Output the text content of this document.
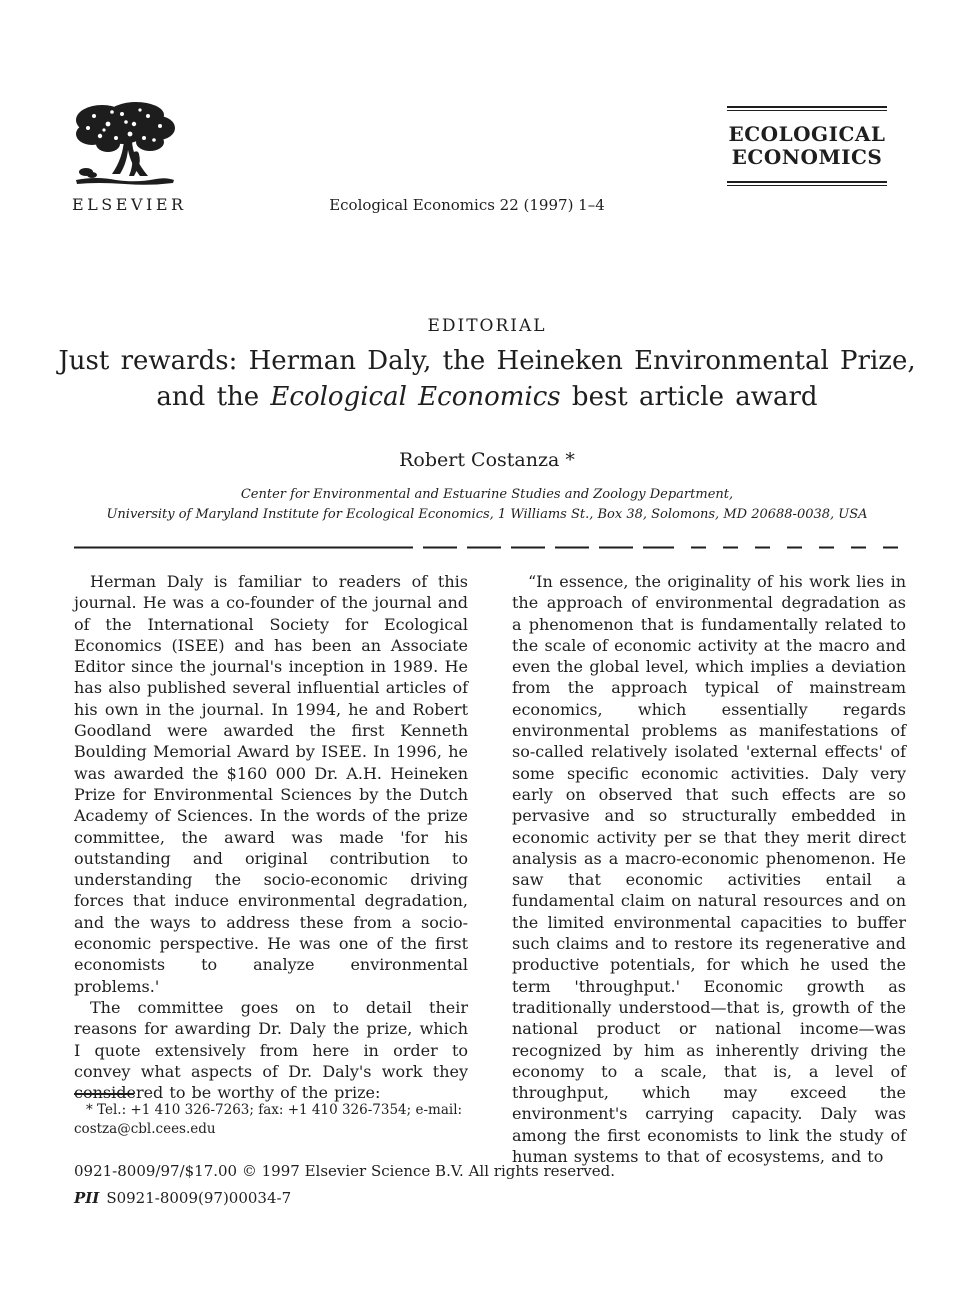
ELSEVIER	Ecological Economics 22 (1997) 1–4
ECOLOGICAL
ECONOMICS
EDITORIAL
Just rewards: Herman Daly, the Heineken Environmental Prize,
and the Ecological Economics best article award
Robert Costanza *
Center for Environmental and Estuarine Studies and Zoology Department,
University of Maryland Institute for Ecological Economics, 1 Williams St., Box 38, Solomons, MD 20688-0038, USA

Herman Daly is familiar to readers of this journal. He was a co-founder of the journal and of the International Society for Ecological Economics (ISEE) and has been an Associate Editor since the journal's inception in 1989. He has also published several influential articles of his own in the journal. In 1994, he and Robert Goodland were awarded the first Kenneth Boulding Memorial Award by ISEE. In 1996, he was awarded the $160 000 Dr. A.H. Heineken Prize for Environmental Sciences by the Dutch Academy of Sciences. In the words of the prize committee, the award was made 'for his outstanding and original contribution to understanding the socio-economic driving forces that induce environmental degradation, and the ways to address these from a socio-economic perspective. He was one of the first economists to analyze environmental problems.'

The committee goes on to detail their reasons for awarding Dr. Daly the prize, which I quote extensively from here in order to convey what aspects of Dr. Daly's work they considered to be worthy of the prize:

“In essence, the originality of his work lies in the approach of environmental degradation as a phenomenon that is fundamentally related to the scale of economic activity at the macro and even the global level, which implies a deviation from the approach typical of mainstream economics, which essentially regards environmental problems as manifestations of so-called relatively isolated 'external effects' of some specific economic activities. Daly very early on observed that such effects are so pervasive and so structurally embedded in economic activity per se that they merit direct analysis as a macro-economic phenomenon. He saw that economic activities entail a fundamental claim on natural resources and on the limited environmental capacities to buffer such claims and to restore its regenerative and productive potentials, for which he used the term 'throughput.' Economic growth as traditionally understood—that is, growth of the national product or national income—was recognized by him as inherently driving the economy to a scale, that is, a level of throughput, which may exceed the environment's carrying capacity. Daly was among the first economists to link the study of human systems to that of ecosystems, and to

* Tel.: +1 410 326-7263; fax: +1 410 326-7354; e-mail: costza@cbl.cees.edu
0921-8009/97/$17.00 © 1997 Elsevier Science B.V. All rights reserved.
PII S0921-8009(97)00034-7
